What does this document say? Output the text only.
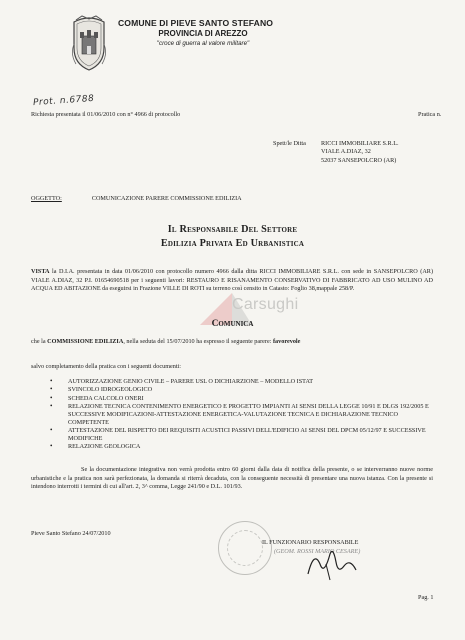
COMUNE DI PIEVE SANTO STEFANO
PROVINCIA DI AREZZO
"croce di guerra al valore militare"
Prot. n.6788
Richiesta presentata il 01/06/2010 con n° 4966 di protocollo	Pratica n.
Spett/le Ditta RICCI IMMOBILIARE S.R.L.
VIALE A.DIAZ, 32
52037 SANSEPOLCRO (AR)
OGGETTO:	COMUNICAZIONE PARERE COMMISSIONE EDILIZIA
Il Responsabile Del Settore
Edilizia Privata Ed Urbanistica
Carsughi
VISTA la D.I.A. presentata in data 01/06/2010 con protocollo numero 4966 dalla ditta RICCI IMMOBILIARE S.R.L. con sede in SANSEPOLCRO (AR) VIALE A.DIAZ, 32 P.I. 01654690518 per i seguenti lavori: RESTAURO E RISANAMENTO CONSERVATIVO DI FABBRICATO AD USO MULINO AD ACQUA ED ABITAZIONE da eseguirsi in Frazione VILLE DI ROTI su terreno così censito in Catasto: Foglio 38,mappale 258/P.
Comunica
che la COMMISSIONE EDILIZIA, nella seduta del 15/07/2010 ha espresso il seguente parere: favorevole
salvo completamento della pratica con i seguenti documenti:
• AUTORIZZAZIONE GENIO CIVILE – PARERE USL O DICHIARZIONE – MODELLO ISTAT
• SVINCOLO IDROGEOLOGICO
• SCHEDA CALCOLO ONERI
• RELAZIONE TECNICA CONTENIMENTO ENERGETICO E PROGETTO IMPIANTI AI SENSI DELLA LEGGE 10/91 E DLGS 192/2005 E SUCCESSIVE MODIFICAZIONI-ATTESTAZIONE ENERGETICA-VALUTAZIONE TECNICA E DICHIARAZIONE TECNICO COMPETENTE
• ATTESTAZIONE DEL RISPETTO DEI REQUISITI ACUSTICI PASSIVI DELL'EDIFICIO AI SENSI DEL DPCM 05/12/97 E SUCCESSIVE MODIFICHE
• RELAZIONE GEOLOGICA
Se la documentazione integrativa non verrà prodotta entro 60 giorni dalla data di notifica della presente, o se interverranno nuove norme urbanistiche e la pratica non sarà perfezionata, la domanda si riterrà decaduta, con la conseguente necessità di presentare una nuova istanza. Con la presente si intendono interrotti i termini di cui all'art. 2, 3^ comma, Legge 241/90 e D.L. 101/93.
Pieve Santo Stefano 24/07/2010
IL FUNZIONARIO RESPONSABILE
(GEOM. ROSSI MARIO CESARE)
Pag. 1
